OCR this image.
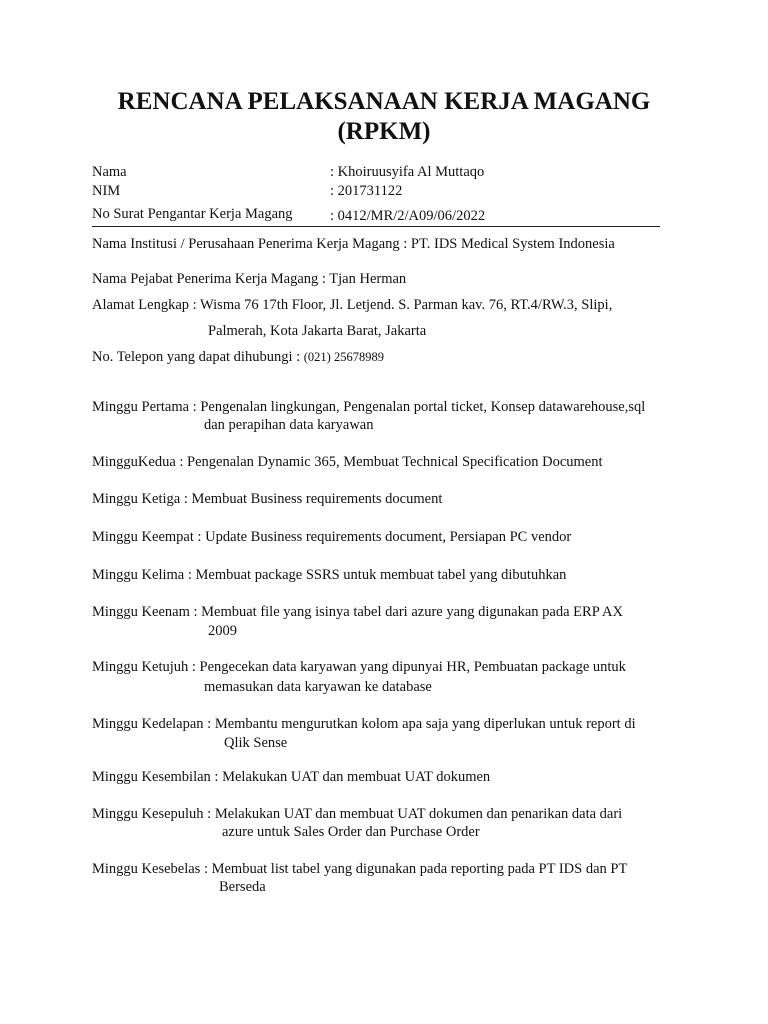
RENCANA PELAKSANAAN KERJA MAGANG
(RPKM)
Nama	: Khoiruusyifa Al Muttaqo
NIM	: 201731122
No Surat Pengantar Kerja Magang	: 0412/MR/2/A09/06/2022
Nama Institusi / Perusahaan Penerima Kerja Magang : PT. IDS Medical System Indonesia
Nama Pejabat Penerima Kerja Magang : Tjan Herman
Alamat Lengkap : Wisma 76 17th Floor, Jl. Letjend. S. Parman kav. 76, RT.4/RW.3, Slipi,
Palmerah, Kota Jakarta Barat, Jakarta
No. Telepon yang dapat dihubungi : (021) 25678989
Minggu Pertama : Pengenalan lingkungan, Pengenalan portal ticket, Konsep datawarehouse,sql
dan perapihan data karyawan
MingguKedua : Pengenalan Dynamic 365, Membuat Technical Specification Document
Minggu Ketiga : Membuat Business requirements document
Minggu Keempat : Update Business requirements document, Persiapan PC vendor
Minggu Kelima : Membuat package SSRS untuk membuat tabel yang dibutuhkan
Minggu Keenam : Membuat file yang isinya tabel dari azure yang digunakan pada ERP AX
2009
Minggu Ketujuh : Pengecekan data karyawan yang dipunyai HR, Pembuatan package untuk
memasukan data karyawan ke database
Minggu Kedelapan : Membantu mengurutkan kolom apa saja yang diperlukan untuk report di
Qlik Sense
Minggu Kesembilan : Melakukan UAT dan membuat UAT dokumen
Minggu Kesepuluh : Melakukan UAT dan membuat UAT dokumen dan penarikan data dari
azure untuk Sales Order dan Purchase Order
Minggu Kesebelas : Membuat list tabel yang digunakan pada reporting pada PT IDS dan PT
Berseda
